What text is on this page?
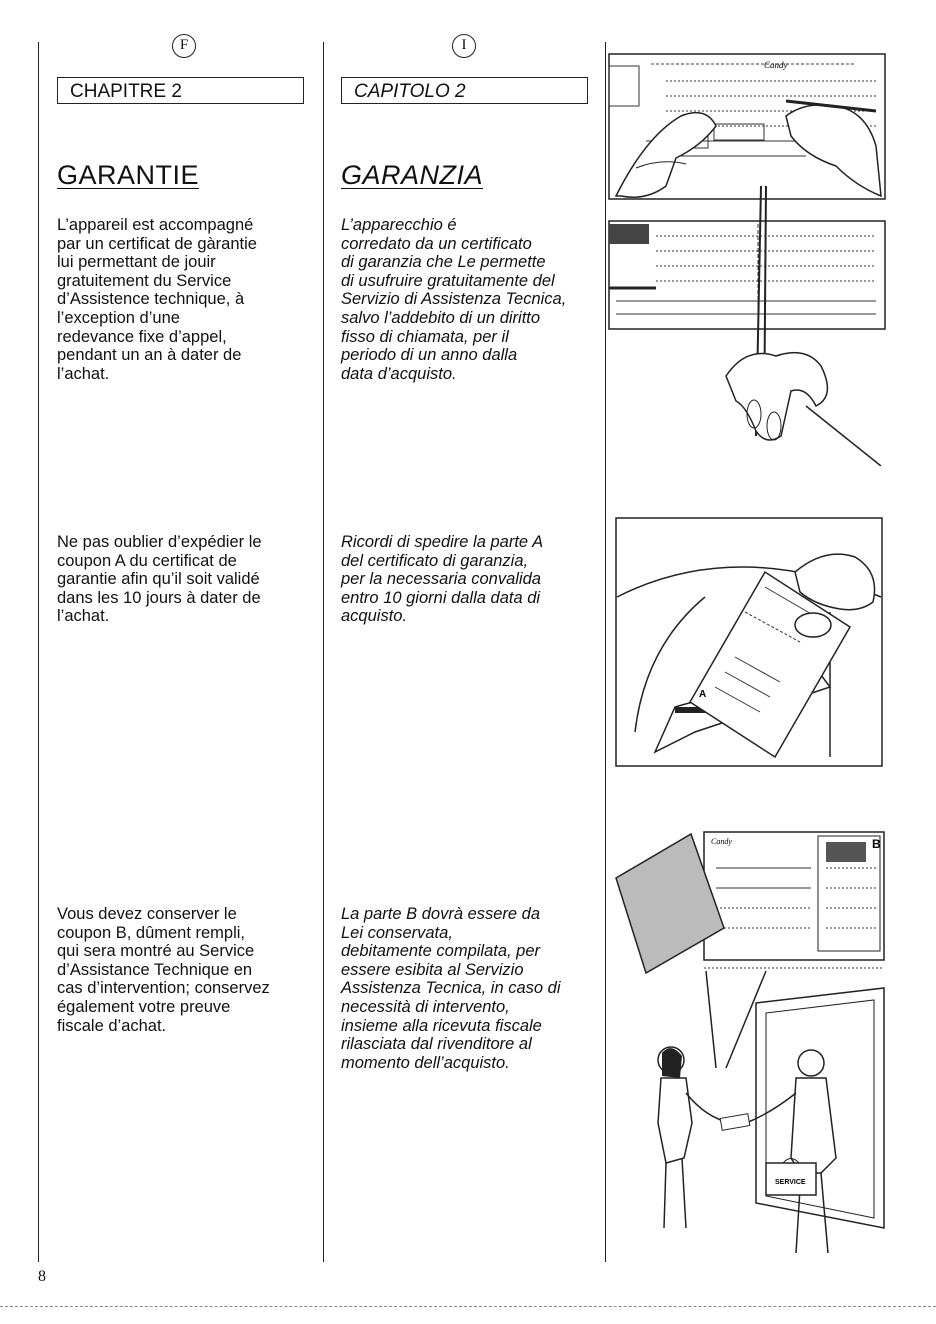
F
CHAPITRE 2
GARANTIE
L’appareil est accompagné
par un certificat de gàrantie
lui permettant de jouir
gratuitement du Service
d’Assistence technique, à
l’exception d’une
redevance fixe d’appel,
pendant un an à dater de
l’achat.
Ne pas oublier d’expédier le
coupon A du certificat de
garantie afin qu’il soit validé
dans les 10 jours à dater de
l’achat.
Vous devez conserver le
coupon B, dûment rempli,
qui sera montré au Service
d’Assistance Technique en
cas d’intervention; conservez
également votre preuve
fiscale d’achat.
I
CAPITOLO 2
GARANZIA
L’apparecchio é
corredato da un certificato
di garanzia che Le permette
di usufruire gratuitamente del
Servizio di Assistenza Tecnica,
salvo l’addebito di un diritto
fisso di chiamata, per il
periodo di un anno dalla
data d’acquisto.
Ricordi di spedire la parte A
del certificato di garanzia,
per la necessaria convalida
entro 10 giorni dalla data di
acquisto.
La parte B dovrà essere da
Lei conservata,
debitamente compilata, per
essere esibita al Servizio
Assistenza Tecnica, in caso di
necessità di intervento,
insieme alla ricevuta fiscale
rilasciata dal rivenditore al
momento dell’acquisto.
Candy
A
Candy	B
SERVICE
8
